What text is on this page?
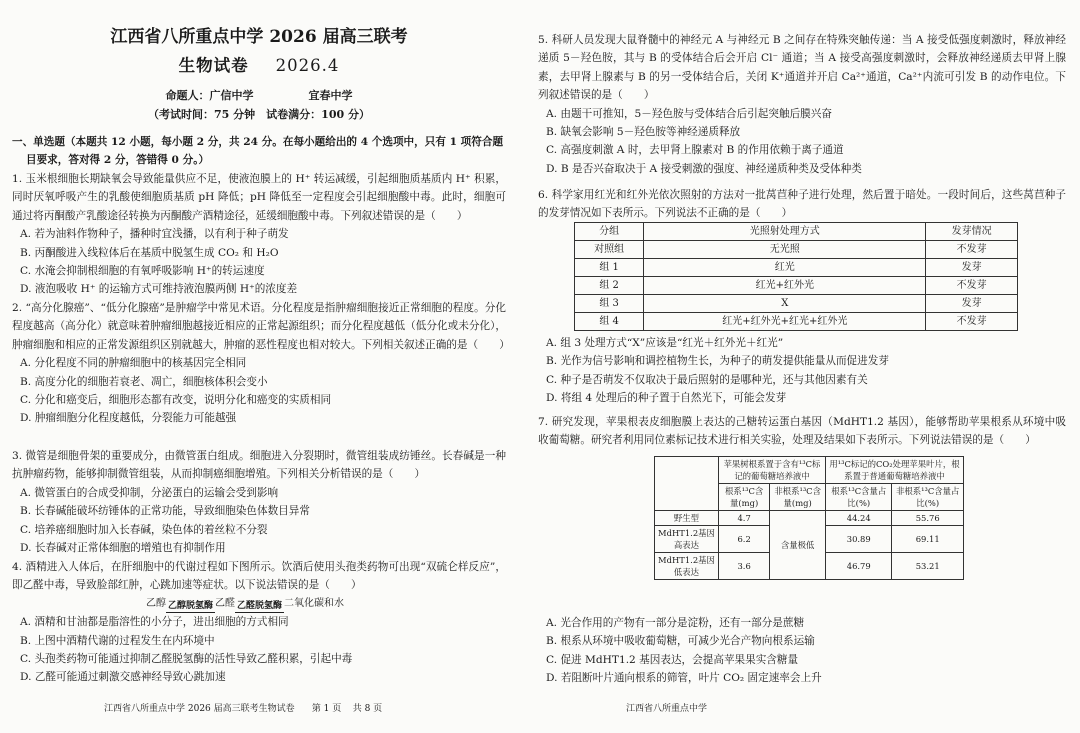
江西省八所重点中学 2026 届高三联考
生物试卷 2026.4
命题人：广信中学　　　　　宜春中学
（考试时间：75 分钟　试卷满分：100 分）

一、单选题（本题共 12 小题，每小题 2 分，共 24 分。在每小题给出的 4 个选项中，只有 1 项符合题

目要求，答对得 2 分，答错得 0 分。）

1. 玉米根细胞长期缺氧会导致能量供应不足，使液泡膜上的 H⁺ 转运减缓，引起细胞质基质内 H⁺ 积累，同时厌氧呼吸产生的乳酸使细胞质基质 pH 降低；pH 降低至一定程度会引起细胞酸中毒。此时，细胞可通过将丙酮酸产乳酸途径转换为丙酮酸产酒精途径，延缓细胞酸中毒。下列叙述错误的是（　　）

A. 若为油料作物种子，播种时宜浅播，以有利于种子萌发

B. 丙酮酸进入线粒体后在基质中脱氢生成 CO₂ 和 H₂O

C. 水淹会抑制根细胞的有氧呼吸影响 H⁺的转运速度

D. 液泡吸收 H⁺ 的运输方式可维持液泡膜两侧 H⁺的浓度差

2. “高分化腺癌”、“低分化腺癌”是肿瘤学中常见术语。分化程度是指肿瘤细胞接近正常细胞的程度。分化程度越高（高分化）就意味着肿瘤细胞越接近相应的正常起源组织；而分化程度越低（低分化或未分化），肿瘤细胞和相应的正常发源组织区别就越大，肿瘤的恶性程度也相对较大。下列相关叙述正确的是（　　）

A. 分化程度不同的肿瘤细胞中的核基因完全相同

B. 高度分化的细胞若衰老、凋亡，细胞核体积会变小

C. 分化和癌变后，细胞形态都有改变，说明分化和癌变的实质相同

D. 肿瘤细胞分化程度越低，分裂能力可能越强

3. 微管是细胞骨架的重要成分，由微管蛋白组成。细胞进入分裂期时，微管组装成纺锤丝。长春碱是一种抗肿瘤药物，能够抑制微管组装，从而抑制癌细胞增殖。下列相关分析错误的是（　　）

A. 微管蛋白的合成受抑制，分泌蛋白的运输会受到影响

B. 长春碱能破坏纺锤体的正常功能，导致细胞染色体数目异常

C. 培养癌细胞时加入长春碱，染色体的着丝粒不分裂

D. 长春碱对正常体细胞的增殖也有抑制作用

4. 酒精进入人体后，在肝细胞中的代谢过程如下图所示。饮酒后使用头孢类药物可出现“双硫仑样反应”，即乙醛中毒，导致脸部红肿，心跳加速等症状。以下说法错误的是（　　）

乙醇 乙醇脱氢酶 乙醛 乙醛脱氢酶 二氧化碳和水

A. 酒精和甘油都是脂溶性的小分子，进出细胞的方式相同

B. 上图中酒精代谢的过程发生在内环境中

C. 头孢类药物可能通过抑制乙醛脱氢酶的活性导致乙醛积累，引起中毒

D. 乙醛可能通过刺激交感神经导致心跳加速

江西省八所重点中学 2026 届高三联考生物试卷 第 1 页 共 8 页	江西省八所重点中学

5. 科研人员发现大鼠脊髓中的神经元 A 与神经元 B 之间存在特殊突触传递：当 A 接受低强度刺激时，释放神经递质 5－羟色胺，其与 B 的受体结合后会开启 Cl⁻ 通道；当 A 接受高强度刺激时，会释放神经递质去甲肾上腺素，去甲肾上腺素与 B 的另一受体结合后，关闭 K⁺通道并开启 Ca²⁺通道，Ca²⁺内流可引发 B 的动作电位。下列叙述错误的是（　　）

A. 由题干可推知，5－羟色胺与受体结合后引起突触后膜兴奋

B. 缺氧会影响 5－羟色胺等神经递质释放

C. 高强度刺激 A 时，去甲肾上腺素对 B 的作用依赖于离子通道

D. B 是否兴奋取决于 A 接受刺激的强度、神经递质种类及受体种类

6. 科学家用红光和红外光依次照射的方法对一批莴苣种子进行处理，然后置于暗处。一段时间后，这些莴苣种子的发芽情况如下表所示。下列说法不正确的是（　　）

分组	光照射处理方式	发芽情况
对照组	无光照	不发芽
组 1	红光	发芽
组 2	红光+红外光	不发芽
组 3	X	发芽
组 4	红光+红外光+红光+红外光	不发芽

A. 组 3 处理方式“X”应该是“红光＋红外光＋红光”

B. 光作为信号影响和调控植物生长，为种子的萌发提供能量从而促进发芽

C. 种子是否萌发不仅取决于最后照射的是哪种光，还与其他因素有关

D. 将组 4 处理后的种子置于自然光下，可能会发芽

7. 研究发现，苹果根表皮细胞膜上表达的己糖转运蛋白基因（MdHT1.2 基因），能够帮助苹果根系从环境中吸收葡萄糖。研究者利用同位素标记技术进行相关实验，处理及结果如下表所示。下列说法错误的是（　　）

	苹果树根系置于含有¹³C标记的葡萄糖培养液中		用¹³C标记的CO₂处理苹果叶片，根系置于普通葡萄糖培养液中	
	根系¹³C含量(mg)	非根系¹³C含量(mg)	根系¹³C含量占比(%)	非根系¹³C含量占比(%)
野生型	4.7	含量极低	44.24	55.76
MdHT1.2基因高表达	6.2		30.89	69.11
MdHT1.2基因低表达	3.6		46.79	53.21

A. 光合作用的产物有一部分是淀粉，还有一部分是蔗糖

B. 根系从环境中吸收葡萄糖，可减少光合产物向根系运输

C. 促进 MdHT1.2 基因表达，会提高苹果果实含糖量

D. 若阻断叶片通向根系的筛管，叶片 CO₂ 固定速率会上升
